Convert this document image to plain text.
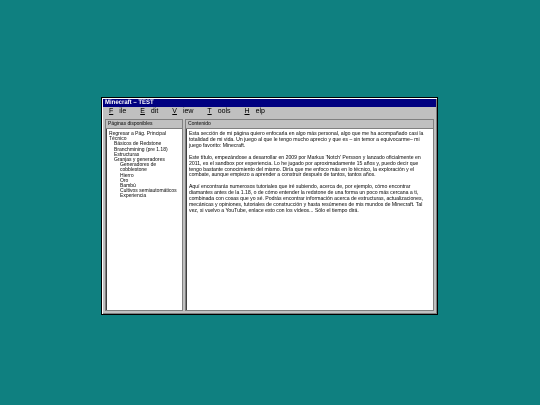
Minecraft – TEST
F ile E dit V iew T ools H elp
Páginas disponibles
Regresar a Pág. Principal
Técnico
Básicos de Redstone
Branchmining (pre 1.18)
Estructuras
Granjas y generadores
Generadores de
cobblestone
Hierro
Oro
Bambú
Cultivos semiautomáticos
Experiencia
Contenido

Esta sección de mi página quiero enfocarla en algo más personal, algo que me ha acompañado casi la totalidad de mi vida. Un juego al que le tengo mucho aprecio y que es – sin temor a equivocarme– mi juego favorito: Minecraft.

Este título, empezándose a desarrollar en 2009 por Markus 'Notch' Persson y lanzado oficialmente en 2011, es el sandbox por experiencia. Lo he jugado por aproximadamente 15 años y, puedo decir que tengo bastante conocimiento del mismo. Diría que me enfoco más en lo técnico, la exploración y el combate, aunque empiezo a aprender a construir después de tantos, tantos años.

Aquí encontrarás numerosos tutoriales que iré subiendo, acerca de, por ejemplo, cómo encontrar diamantes antes de la 1.18, o de cómo entender la redstone de una forma un poco más cercana a ti, combinada con cosas que yo sé. Podrás encontrar información acerca de estructuras, actualizaciones, mecánicas y opiniones, tutoriales de construcción y hasta resúmenes de mis mundos de Minecraft. Tal vez, si vuelvo a YouTube, enlace esto con los vídeos... Sólo el tiempo dirá.
